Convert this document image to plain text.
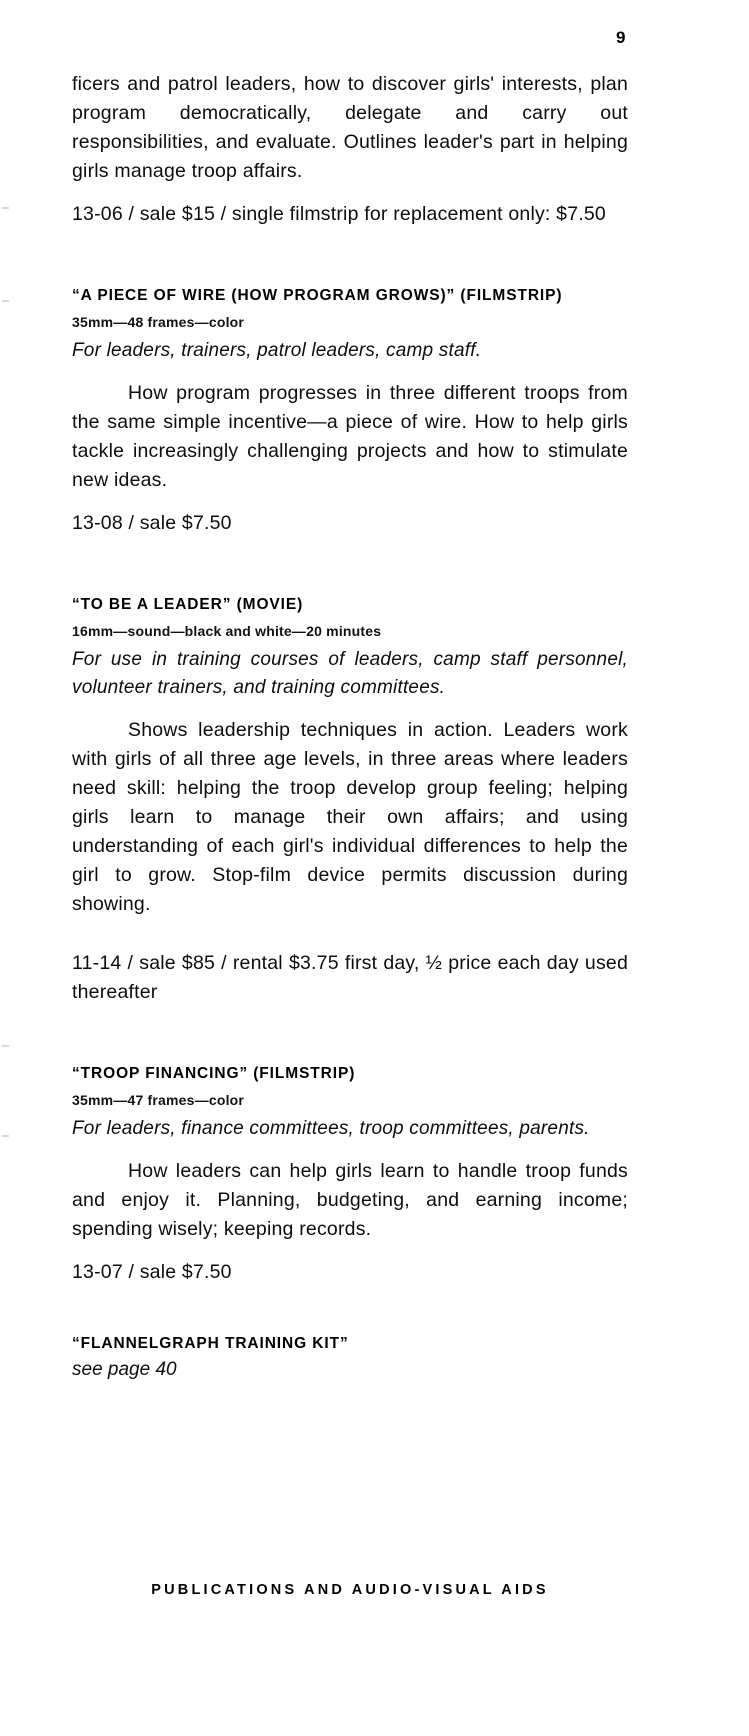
9

ficers and patrol leaders, how to discover girls' interests, plan program democratically, delegate and carry out responsibilities, and evaluate. Outlines leader's part in helping girls manage troop affairs.

13-06 / sale $15 / single filmstrip for replacement only: $7.50

“A PIECE OF WIRE (HOW PROGRAM GROWS)” (FILMSTRIP)

35mm—48 frames—color

For leaders, trainers, patrol leaders, camp staff.

How program progresses in three different troops from the same simple incentive—a piece of wire. How to help girls tackle increasingly challenging projects and how to stimulate new ideas.

13-08 / sale $7.50

“TO BE A LEADER” (MOVIE)

16mm—sound—black and white—20 minutes

For use in training courses of leaders, camp staff personnel, volunteer trainers, and training committees.

Shows leadership techniques in action. Leaders work with girls of all three age levels, in three areas where leaders need skill: helping the troop develop group feeling; helping girls learn to manage their own affairs; and using understanding of each girl's individual differences to help the girl to grow. Stop-film device permits discussion during showing.

11-14 / sale $85 / rental $3.75 first day, ½ price each day used thereafter

“TROOP FINANCING” (FILMSTRIP)

35mm—47 frames—color

For leaders, finance committees, troop committees, parents.

How leaders can help girls learn to handle troop funds and enjoy it. Planning, budgeting, and earning income; spending wisely; keeping records.

13-07 / sale $7.50

“FLANNELGRAPH TRAINING KIT”

see page 40

PUBLICATIONS AND AUDIO-VISUAL AIDS
